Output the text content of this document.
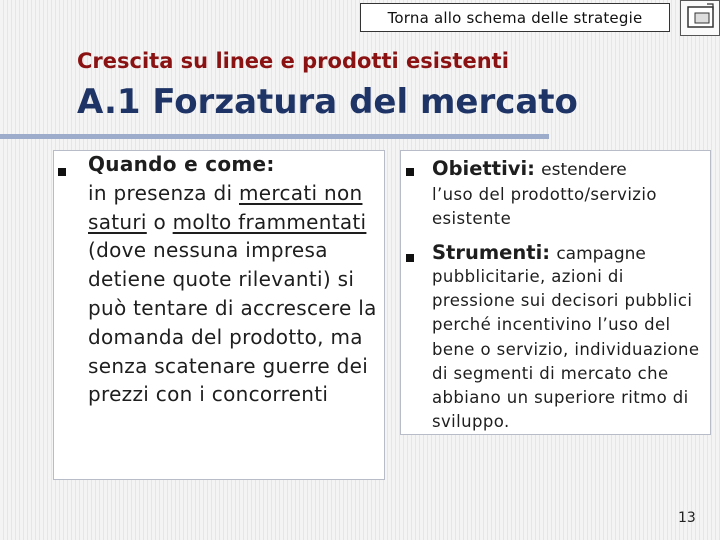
Torna allo schema delle strategie
Crescita su linee e prodotti esistenti
A.1 Forzatura del mercato
Quando e come:
in presenza di mercati non saturi o molto frammentati (dove nessuna impresa detiene quote rilevanti) si può tentare di accrescere la domanda del prodotto, ma senza scatenare guerre dei prezzi con i concorrenti
Obiettivi: estendere
l’uso del prodotto/servizio esistente
Strumenti: campagne
pubblicitarie, azioni di pressione sui decisori pubblici perché incentivino l’uso del bene o servizio, individuazione di segmenti di mercato che abbiano un superiore ritmo di sviluppo.
13
